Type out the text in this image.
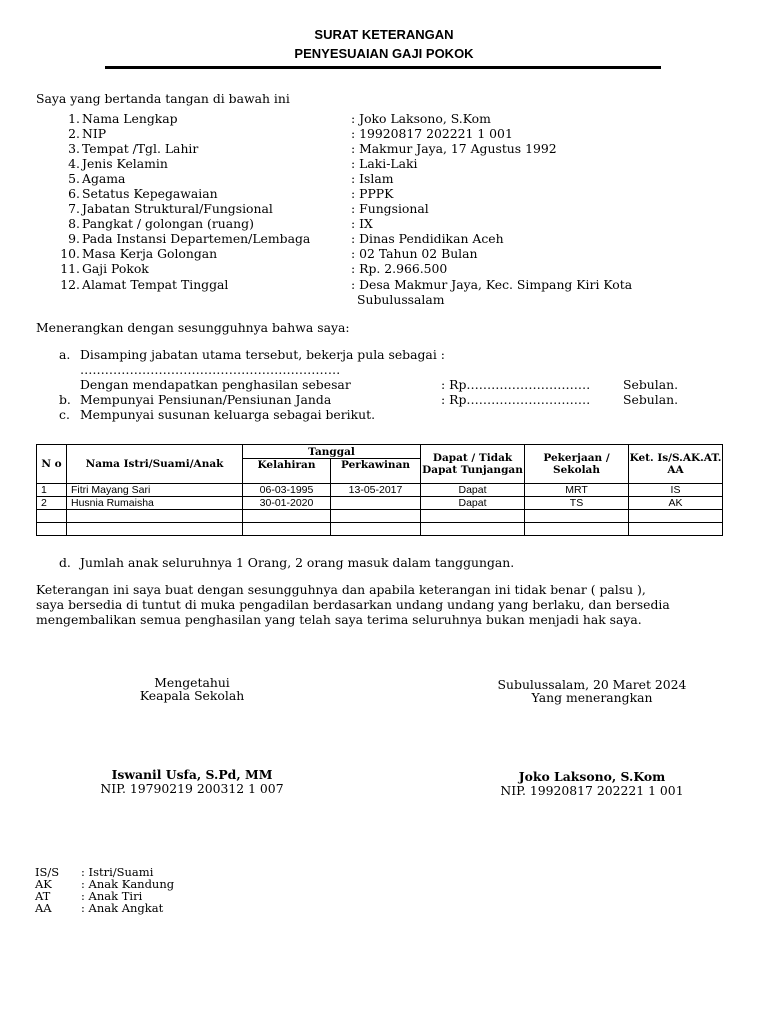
SURAT KETERANGAN
PENYESUAIAN GAJI POKOK
Saya yang bertanda tangan di bawah ini
1. Nama Lengkap	: Joko Laksono, S.Kom
2. NIP	: 19920817 202221 1 001
3. Tempat /Tgl. Lahir	: Makmur Jaya, 17 Agustus 1992
4. Jenis Kelamin	: Laki-Laki
5. Agama	: Islam
6. Setatus Kepegawaian	: PPPK
7. Jabatan Struktural/Fungsional	: Fungsional
8. Pangkat / golongan (ruang)	: IX
9. Pada Instansi Departemen/Lembaga	: Dinas Pendidikan Aceh
10. Masa Kerja Golongan	: 02 Tahun 02 Bulan
11. Gaji Pokok	: Rp. 2.966.500
12. Alamat Tempat Tinggal	: Desa Makmur Jaya, Kec. Simpang Kiri Kota
Subulussalam
Menerangkan dengan sesungguhnya bahwa saya:
a. Disamping jabatan utama tersebut, bekerja pula sebagai :
………………………………………………………
Dengan mendapatkan penghasilan sebesar	: Rp…………………………	Sebulan.
b. Mempunyai Pensiunan/Pensiunan Janda	: Rp…………………………	Sebulan.
c. Mempunyai susunan keluarga sebagai berikut.
N o	Nama Istri/Suami/Anak	Tanggal		Dapat / Tidak Dapat Tunjangan	Pekerjaan / Sekolah	Ket. Is/S.AK.AT. AA
		Kelahiran	Perkawinan			
1	Fitri Mayang Sari	06-03-1995	13-05-2017	Dapat	MRT	IS
2	Husnia Rumaisha	30-01-2020		Dapat	TS	AK

d. Jumlah anak seluruhnya 1 Orang, 2 orang masuk dalam tanggungan.
Keterangan ini saya buat dengan sesungguhnya dan apabila keterangan ini tidak benar ( palsu ),
saya bersedia di tuntut di muka pengadilan berdasarkan undang undang yang berlaku, dan bersedia
mengembalikan semua penghasilan yang telah saya terima seluruhnya bukan menjadi hak saya.
Mengetahui
Keapala Sekolah
Iswanil Usfa, S.Pd, MM
NIP. 19790219 200312 1 007
Subulussalam, 20 Maret 2024
Yang menerangkan
Joko Laksono, S.Kom
NIP. 19920817 202221 1 001
IS/S : Istri/Suami
AK	: Anak Kandung
AT	: Anak Tiri
AA	: Anak Angkat
